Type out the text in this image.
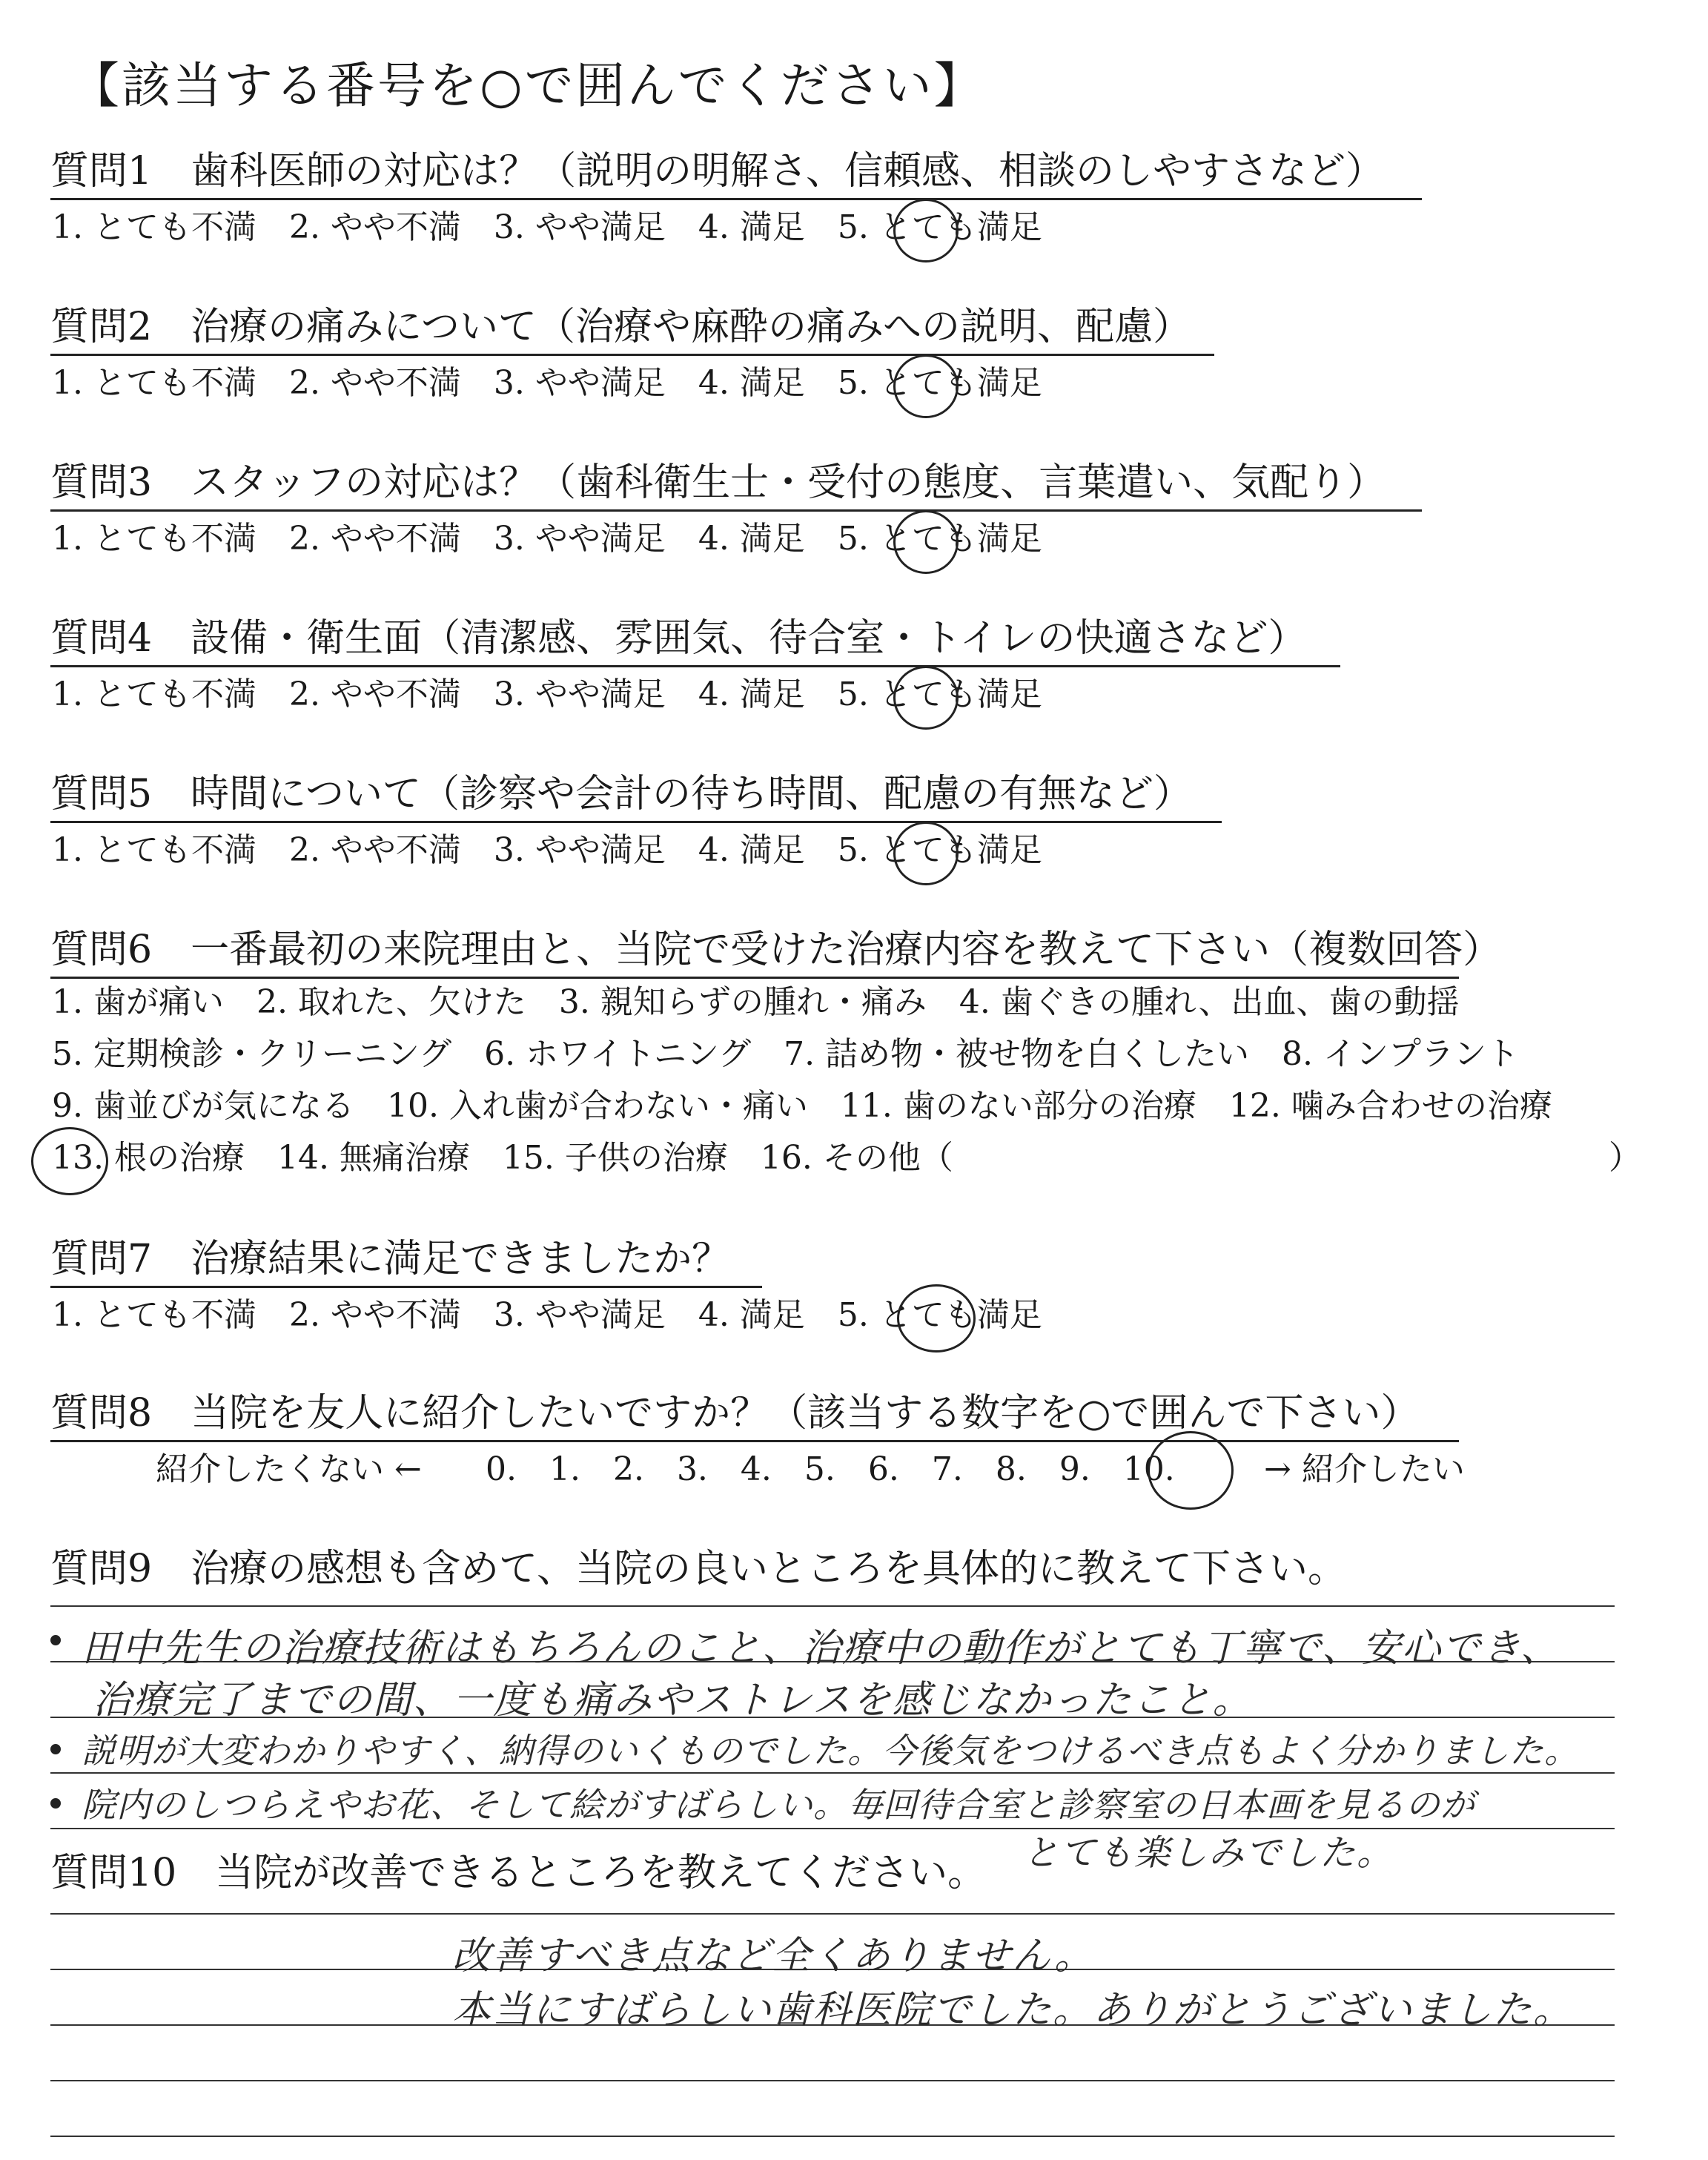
【該当する番号を○で囲んでください】
質問1　歯科医師の対応は？（説明の明解さ、信頼感、相談のしやすさなど）
1. とても不満　2. やや不満　3. やや満足　4. 満足　5. とても満足
質問2　治療の痛みについて（治療や麻酔の痛みへの説明、配慮）
1. とても不満　2. やや不満　3. やや満足　4. 満足　5. とても満足
質問3　スタッフの対応は？（歯科衛生士・受付の態度、言葉遣い、気配り）
1. とても不満　2. やや不満　3. やや満足　4. 満足　5. とても満足
質問4　設備・衛生面（清潔感、雰囲気、待合室・トイレの快適さなど）
1. とても不満　2. やや不満　3. やや満足　4. 満足　5. とても満足
質問5　時間について（診察や会計の待ち時間、配慮の有無など）
1. とても不満　2. やや不満　3. やや満足　4. 満足　5. とても満足
質問6　一番最初の来院理由と、当院で受けた治療内容を教えて下さい（複数回答）
1. 歯が痛い　2. 取れた、欠けた　3. 親知らずの腫れ・痛み　4. 歯ぐきの腫れ、出血、歯の動揺
5. 定期検診・クリーニング　6. ホワイトニング　7. 詰め物・被せ物を白くしたい　8. インプラント
9. 歯並びが気になる　10. 入れ歯が合わない・痛い　11. 歯のない部分の治療　12. 噛み合わせの治療
13. 根の治療　14. 無痛治療　15. 子供の治療　16. その他（	）
質問7　治療結果に満足できましたか？
1. とても不満　2. やや不満　3. やや満足　4. 満足　5. とても満足
質問8　当院を友人に紹介したいですか？（該当する数字を○で囲んで下さい）
紹介したくない ← 0.　1.　2.　3.　4.　5.　6.　7.　8.　9.　10.	→ 紹介したい
質問9　治療の感想も含めて、当院の良いところを具体的に教えて下さい。
田中先生の治療技術はもちろんのこと、治療中の動作がとても丁寧で、安心でき、
治療完了までの間、一度も痛みやストレスを感じなかったこと。
説明が大変わかりやすく、納得のいくものでした。今後気をつけるべき点もよく分かりました。
院内のしつらえやお花、そして絵がすばらしい。毎回待合室と診察室の日本画を見るのが
とても楽しみでした。
質問10　当院が改善できるところを教えてください。
改善すべき点など全くありません。
本当にすばらしい歯科医院でした。ありがとうございました。
